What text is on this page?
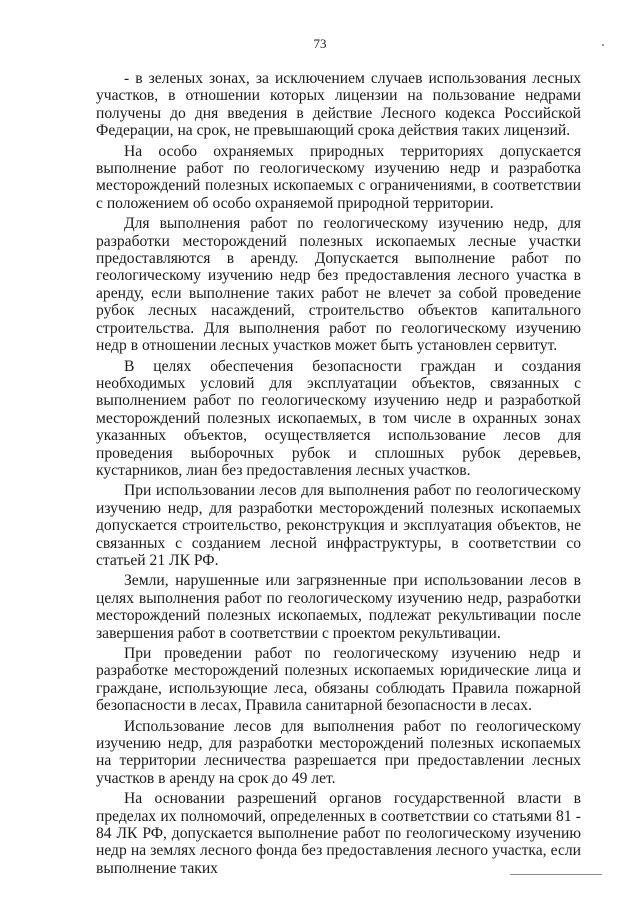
73

- в зеленых зонах, за исключением случаев использования лесных участков, в отношении которых лицензии на пользование недрами получены до дня введения в действие Лесного кодекса Российской Федерации, на срок, не превышающий срока действия таких лицензий.

На особо охраняемых природных территориях допускается выполнение работ по геологическому изучению недр и разработка месторождений полезных ископаемых с ограничениями, в соответствии с положением об особо охраняемой природной территории.

Для выполнения работ по геологическому изучению недр, для разработки месторождений полезных ископаемых лесные участки предоставляются в аренду. Допускается выполнение работ по геологическому изучению недр без предоставления лесного участка в аренду, если выполнение таких работ не влечет за собой проведение рубок лесных насаждений, строительство объектов капитального строительства. Для выполнения работ по геологическому изучению недр в отношении лесных участков может быть установлен сервитут.

В целях обеспечения безопасности граждан и создания необходимых условий для эксплуатации объектов, связанных с выполнением работ по геологическому изучению недр и разработкой месторождений полезных ископаемых, в том числе в охранных зонах указанных объектов, осуществляется использование лесов для проведения выборочных рубок и сплошных рубок деревьев, кустарников, лиан без предоставления лесных участков.

При использовании лесов для выполнения работ по геологическому изучению недр, для разработки месторождений полезных ископаемых допускается строительство, реконструкция и эксплуатация объектов, не связанных с созданием лесной инфраструктуры, в соответствии со статьей 21 ЛК РФ.

Земли, нарушенные или загрязненные при использовании лесов в целях выполнения работ по геологическому изучению недр, разработки месторождений полезных ископаемых, подлежат рекультивации после завершения работ в соответствии с проектом рекультивации.

При проведении работ по геологическому изучению недр и разработке месторождений полезных ископаемых юридические лица и граждане, использующие леса, обязаны соблюдать Правила пожарной безопасности в лесах, Правила санитарной безопасности в лесах.

Использование лесов для выполнения работ по геологическому изучению недр, для разработки месторождений полезных ископаемых на территории лесничества разрешается при предоставлении лесных участков в аренду на срок до 49 лет.

На основании разрешений органов государственной власти в пределах их полномочий, определенных в соответствии со статьями 81 - 84 ЛК РФ, допускается выполнение работ по геологическому изучению недр на землях лесного фонда без предоставления лесного участка, если выполнение таких
